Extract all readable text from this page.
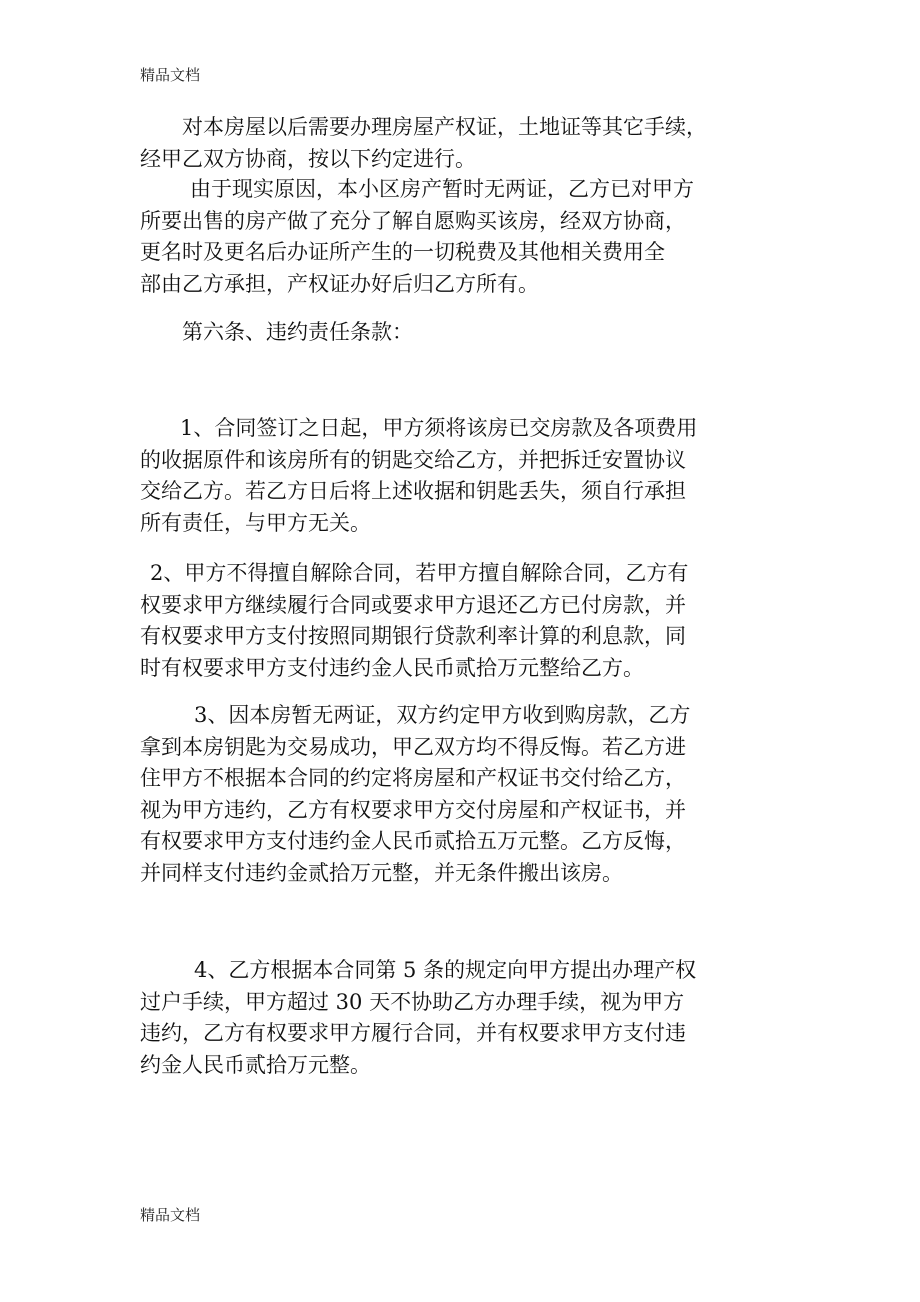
精品文档

对本房屋以后需要办理房屋产权证，土地证等其它手续，
经甲乙双方协商，按以下约定进行。

由于现实原因，本小区房产暂时无两证，乙方已对甲方
所要出售的房产做了充分了解自愿购买该房，经双方协商，
更名时及更名后办证所产生的一切税费及其他相关费用全
部由乙方承担，产权证办好后归乙方所有。

第六条、违约责任条款：

1、合同签订之日起，甲方须将该房已交房款及各项费用
的收据原件和该房所有的钥匙交给乙方，并把拆迁安置协议
交给乙方。若乙方日后将上述收据和钥匙丢失，须自行承担
所有责任，与甲方无关。

2、甲方不得擅自解除合同，若甲方擅自解除合同，乙方有
权要求甲方继续履行合同或要求甲方退还乙方已付房款，并
有权要求甲方支付按照同期银行贷款利率计算的利息款，同
时有权要求甲方支付违约金人民币贰拾万元整给乙方。

3、因本房暂无两证，双方约定甲方收到购房款，乙方
拿到本房钥匙为交易成功，甲乙双方均不得反悔。若乙方进
住甲方不根据本合同的约定将房屋和产权证书交付给乙方，
视为甲方违约，乙方有权要求甲方交付房屋和产权证书，并
有权要求甲方支付违约金人民币贰拾五万元整。乙方反悔，
并同样支付违约金贰拾万元整，并无条件搬出该房。

4、乙方根据本合同第 5 条的规定向甲方提出办理产权
过户手续，甲方超过 30 天不协助乙方办理手续，视为甲方
违约，乙方有权要求甲方履行合同，并有权要求甲方支付违
约金人民币贰拾万元整。

精品文档
